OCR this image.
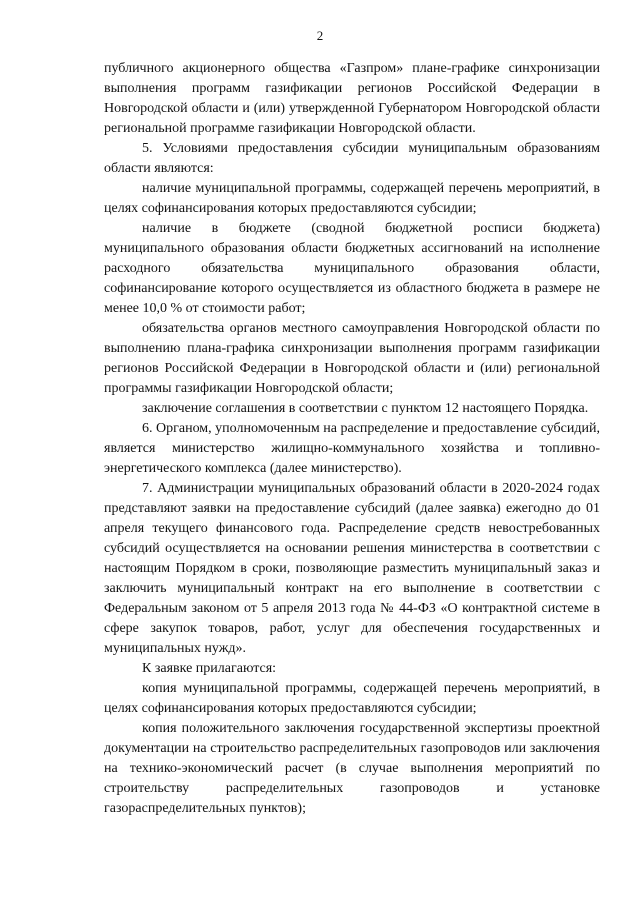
2

публичного акционерного общества «Газпром» плане-графике синхронизации выполнения программ газификации регионов Российской Федерации в Новгородской области и (или) утвержденной Губернатором Новгородской области региональной программе газификации Новгородской области.

5. Условиями предоставления субсидии муниципальным образованиям области являются:

наличие муниципальной программы, содержащей перечень мероприятий, в целях софинансирования которых предоставляются субсидии;

наличие в бюджете (сводной бюджетной росписи бюджета) муниципального образования области бюджетных ассигнований на исполнение расходного обязательства муниципального образования области, софинансирование которого осуществляется из областного бюджета в размере не менее 10,0 % от стоимости работ;

обязательства органов местного самоуправления Новгородской области по выполнению плана-графика синхронизации выполнения программ газификации регионов Российской Федерации в Новгородской области и (или) региональной программы газификации Новгородской области;

заключение соглашения в соответствии с пунктом 12 настоящего Порядка.

6. Органом, уполномоченным на распределение и предоставление субсидий, является министерство жилищно-коммунального хозяйства и топливно-энергетического комплекса (далее министерство).

7. Администрации муниципальных образований области в 2020-2024 годах представляют заявки на предоставление субсидий (далее заявка) ежегодно до 01 апреля текущего финансового года. Распределение средств невостребованных субсидий осуществляется на основании решения министерства в соответствии с настоящим Порядком в сроки, позволяющие разместить муниципальный заказ и заключить муниципальный контракт на его выполнение в соответствии с Федеральным законом от 5 апреля 2013 года № 44-ФЗ «О контрактной системе в сфере закупок товаров, работ, услуг для обеспечения государственных и муниципальных нужд».

К заявке прилагаются:

копия муниципальной программы, содержащей перечень мероприятий, в целях софинансирования которых предоставляются субсидии;

копия положительного заключения государственной экспертизы проектной документации на строительство распределительных газопроводов или заключения на технико-экономический расчет (в случае выполнения мероприятий по строительству распределительных газопроводов и установке газораспределительных пунктов);
